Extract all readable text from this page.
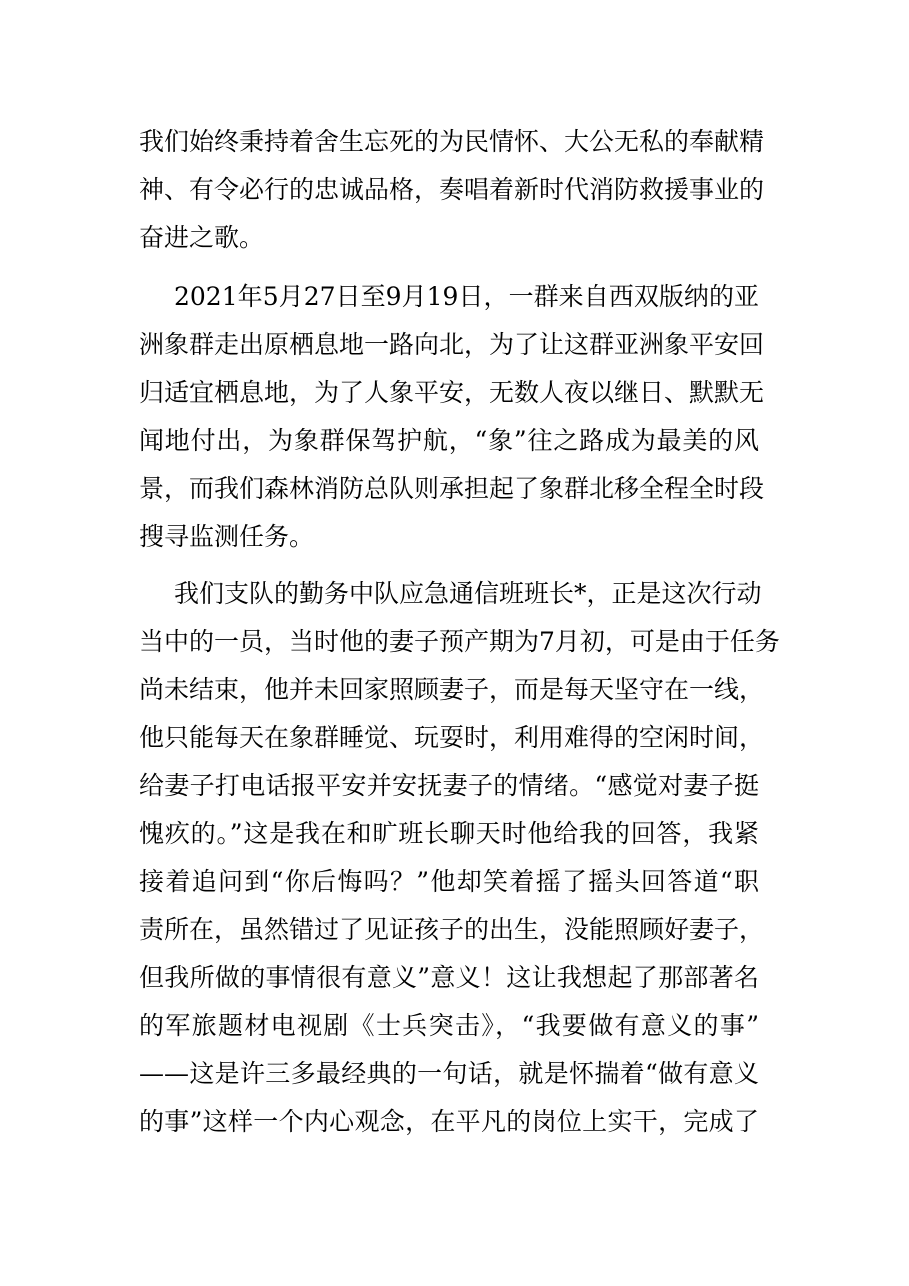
我们始终秉持着舍生忘死的为民情怀、大公无私的奉献精
神、有令必行的忠诚品格，奏唱着新时代消防救援事业的
奋进之歌。
2021年5月27日至9月19日，一群来自西双版纳的亚
洲象群走出原栖息地一路向北，为了让这群亚洲象平安回
归适宜栖息地，为了人象平安，无数人夜以继日、默默无
闻地付出，为象群保驾护航，“象”往之路成为最美的风
景，而我们森林消防总队则承担起了象群北移全程全时段
搜寻监测任务。
我们支队的勤务中队应急通信班班长*，正是这次行动
当中的一员，当时他的妻子预产期为7月初，可是由于任务
尚未结束，他并未回家照顾妻子，而是每天坚守在一线，
他只能每天在象群睡觉、玩耍时，利用难得的空闲时间，
给妻子打电话报平安并安抚妻子的情绪。“感觉对妻子挺
愧疚的。”这是我在和旷班长聊天时他给我的回答，我紧
接着追问到“你后悔吗？”他却笑着摇了摇头回答道“职
责所在，虽然错过了见证孩子的出生，没能照顾好妻子，
但我所做的事情很有意义”意义！这让我想起了那部著名
的军旅题材电视剧《士兵突击》，“我要做有意义的事”
——这是许三多最经典的一句话，就是怀揣着“做有意义
的事”这样一个内心观念，在平凡的岗位上实干，完成了
